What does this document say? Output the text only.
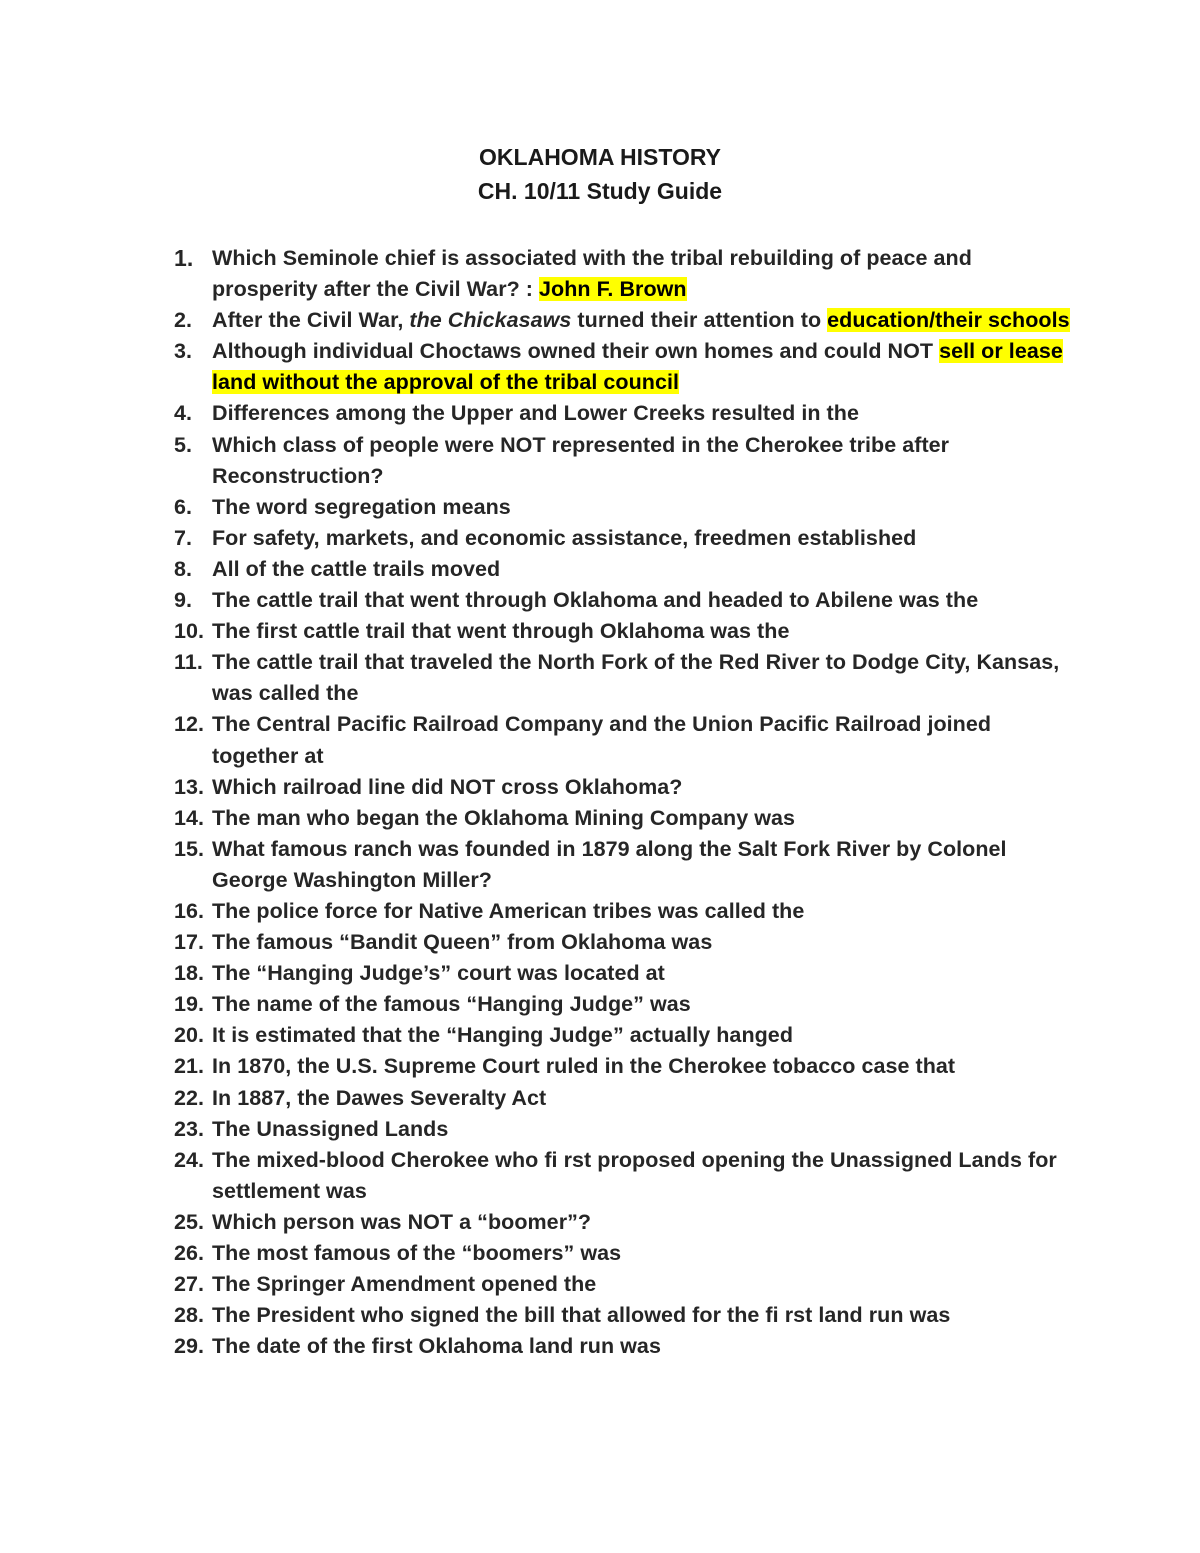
OKLAHOMA HISTORY
CH. 10/11 Study Guide
1. Which Seminole chief is associated with the tribal rebuilding of peace and prosperity after the Civil War? : John F. Brown
2. After the Civil War, the Chickasaws turned their attention to education/their schools
3. Although individual Choctaws owned their own homes and could NOT sell or lease land without the approval of the tribal council
4. Differences among the Upper and Lower Creeks resulted in the
5. Which class of people were NOT represented in the Cherokee tribe after Reconstruction?
6. The word segregation means
7. For safety, markets, and economic assistance, freedmen established
8. All of the cattle trails moved
9. The cattle trail that went through Oklahoma and headed to Abilene was the
10. The first cattle trail that went through Oklahoma was the
11. The cattle trail that traveled the North Fork of the Red River to Dodge City, Kansas, was called the
12. The Central Pacific Railroad Company and the Union Pacific Railroad joined together at
13. Which railroad line did NOT cross Oklahoma?
14. The man who began the Oklahoma Mining Company was
15. What famous ranch was founded in 1879 along the Salt Fork River by Colonel George Washington Miller?
16. The police force for Native American tribes was called the
17. The famous “Bandit Queen” from Oklahoma was
18. The “Hanging Judge’s” court was located at
19. The name of the famous “Hanging Judge” was
20. It is estimated that the “Hanging Judge” actually hanged
21. In 1870, the U.S. Supreme Court ruled in the Cherokee tobacco case that
22. In 1887, the Dawes Severalty Act
23. The Unassigned Lands
24. The mixed-blood Cherokee who fi rst proposed opening the Unassigned Lands for settlement was
25. Which person was NOT a “boomer”?
26. The most famous of the “boomers” was
27. The Springer Amendment opened the
28. The President who signed the bill that allowed for the fi rst land run was
29. The date of the first Oklahoma land run was
